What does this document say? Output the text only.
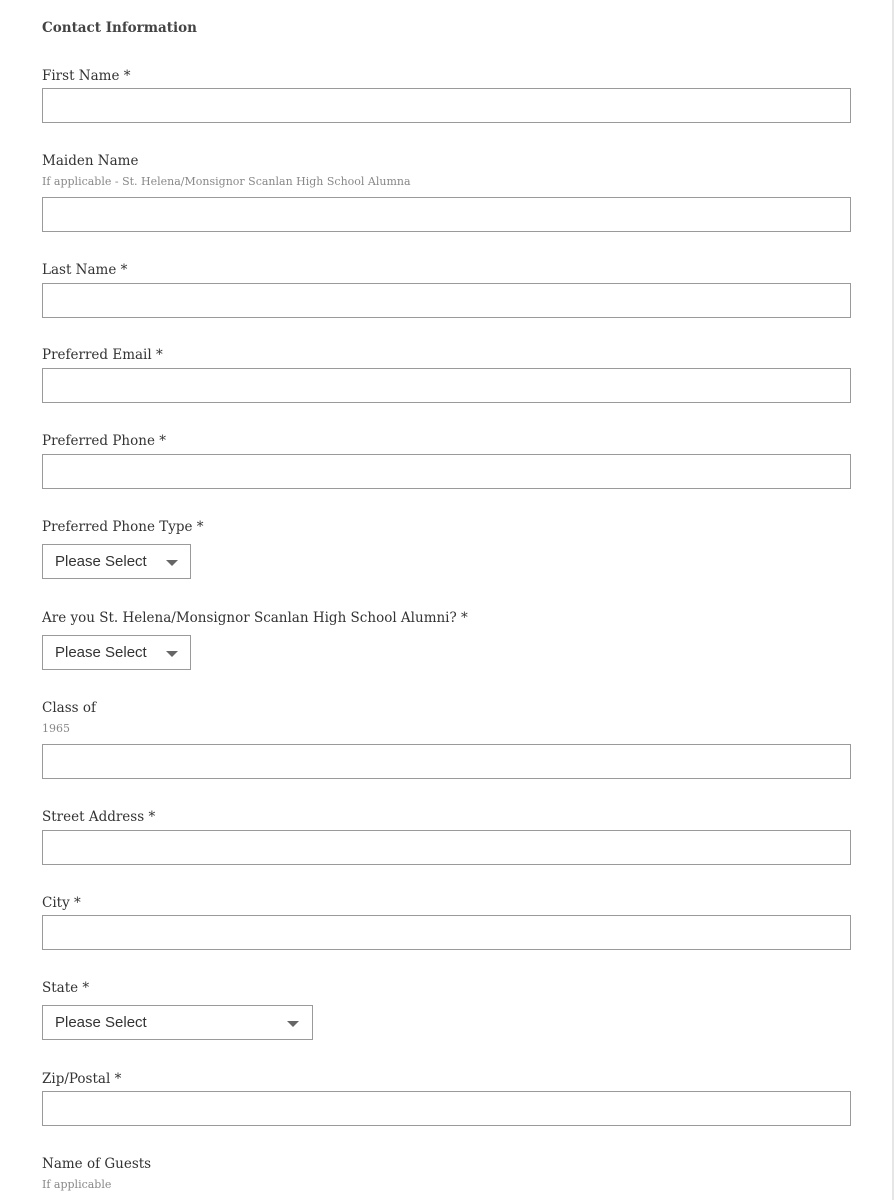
Contact Information
First Name *
Maiden Name
If applicable - St. Helena/Monsignor Scanlan High School Alumna
Last Name *
Preferred Email *
Preferred Phone *
Preferred Phone Type *
Please Select
Are you St. Helena/Monsignor Scanlan High School Alumni? *
Please Select
Class of
1965
Street Address *
City *
State *
Please Select
Zip/Postal *
Name of Guests
If applicable
